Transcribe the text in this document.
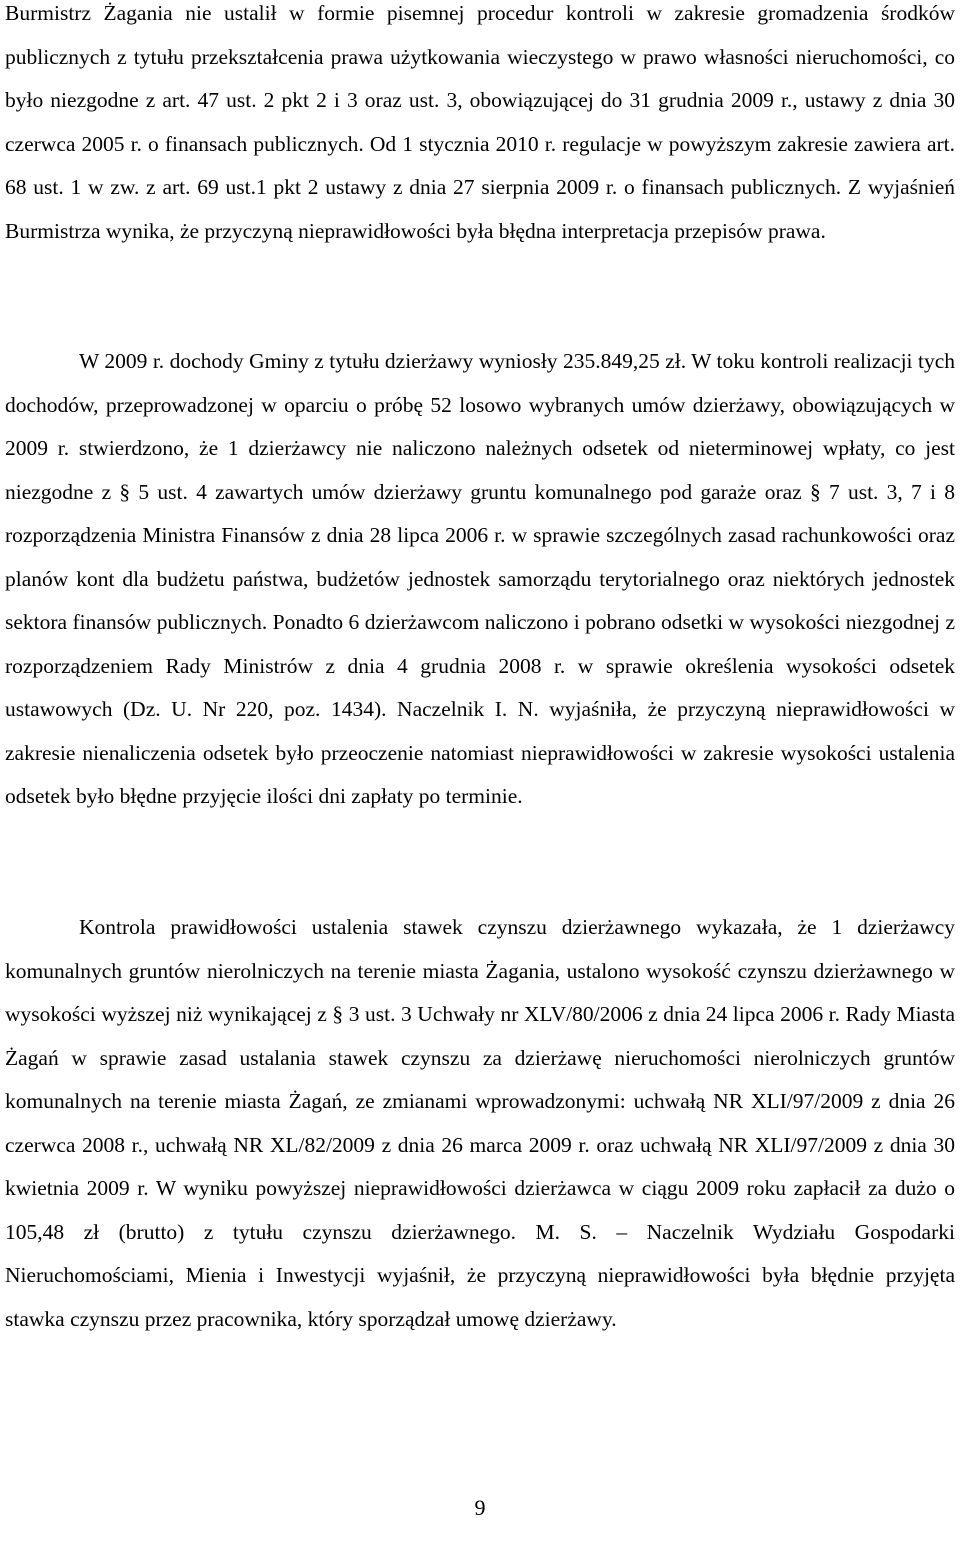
Burmistrz Żagania nie ustalił w formie pisemnej procedur kontroli w zakresie gromadzenia środków publicznych z tytułu przekształcenia prawa użytkowania wieczystego w prawo własności nieruchomości, co było niezgodne z art. 47 ust. 2 pkt 2 i 3 oraz ust. 3, obowiązującej do 31 grudnia 2009 r., ustawy z dnia 30 czerwca 2005 r. o finansach publicznych. Od 1 stycznia 2010 r. regulacje w powyższym zakresie zawiera art. 68 ust. 1 w zw. z art. 69 ust.1 pkt 2 ustawy z dnia 27 sierpnia 2009 r. o finansach publicznych. Z wyjaśnień Burmistrza wynika, że przyczyną nieprawidłowości była błędna interpretacja przepisów prawa.

W 2009 r. dochody Gminy z tytułu dzierżawy wyniosły 235.849,25 zł. W toku kontroli realizacji tych dochodów, przeprowadzonej w oparciu o próbę 52 losowo wybranych umów dzierżawy, obowiązujących w 2009 r. stwierdzono, że 1 dzierżawcy nie naliczono należnych odsetek od nieterminowej wpłaty, co jest niezgodne z § 5 ust. 4 zawartych umów dzierżawy gruntu komunalnego pod garaże oraz § 7 ust. 3, 7 i 8 rozporządzenia Ministra Finansów z dnia 28 lipca 2006 r. w sprawie szczególnych zasad rachunkowości oraz planów kont dla budżetu państwa, budżetów jednostek samorządu terytorialnego oraz niektórych jednostek sektora finansów publicznych. Ponadto 6 dzierżawcom naliczono i pobrano odsetki w wysokości niezgodnej z rozporządzeniem Rady Ministrów z dnia 4 grudnia 2008 r. w sprawie określenia wysokości odsetek ustawowych (Dz. U. Nr 220, poz. 1434). Naczelnik I. N. wyjaśniła, że przyczyną nieprawidłowości w zakresie nienaliczenia odsetek było przeoczenie natomiast nieprawidłowości w zakresie wysokości ustalenia odsetek było błędne przyjęcie ilości dni zapłaty po terminie.

Kontrola prawidłowości ustalenia stawek czynszu dzierżawnego wykazała, że 1 dzierżawcy komunalnych gruntów nierolniczych na terenie miasta Żagania, ustalono wysokość czynszu dzierżawnego w wysokości wyższej niż wynikającej z § 3 ust. 3 Uchwały nr XLV/80/2006 z dnia 24 lipca 2006 r. Rady Miasta Żagań w sprawie zasad ustalania stawek czynszu za dzierżawę nieruchomości nierolniczych gruntów komunalnych na terenie miasta Żagań, ze zmianami wprowadzonymi: uchwałą NR XLI/97/2009 z dnia 26 czerwca 2008 r., uchwałą NR XL/82/2009 z dnia 26 marca 2009 r. oraz uchwałą NR XLI/97/2009 z dnia 30 kwietnia 2009 r. W wyniku powyższej nieprawidłowości dzierżawca w ciągu 2009 roku zapłacił za dużo o 105,48 zł (brutto) z tytułu czynszu dzierżawnego. M. S. – Naczelnik Wydziału Gospodarki Nieruchomościami, Mienia i Inwestycji wyjaśnił, że przyczyną nieprawidłowości była błędnie przyjęta stawka czynszu przez pracownika, który sporządzał umowę dzierżawy.

9
